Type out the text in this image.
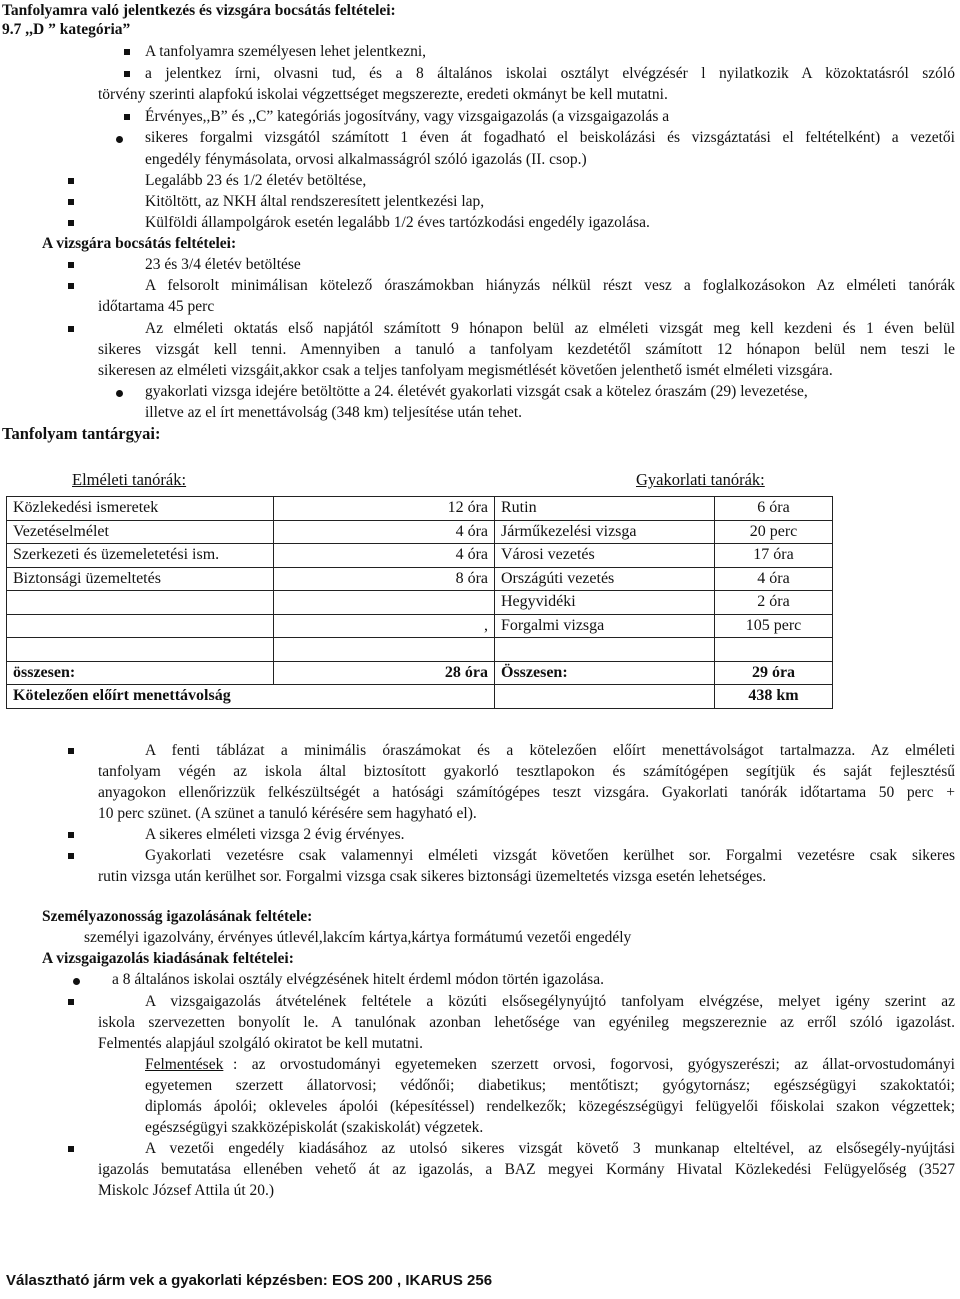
Tanfolyamra való jelentkezés és vizsgára bocsátás feltételei:
9.7 ,,D ” kategória”
A tanfolyamra személyesen lehet jelentkezni,
a jelentkez írni, olvasni tud, és a 8 általános iskolai osztályt elvégzésér l nyilatkozik A közoktatásról szóló
törvény szerinti alapfokú iskolai végzettséget megszerezte, eredeti okmányt be kell mutatni.
Érvényes,,B” és ,,C” kategóriás jogosítvány, vagy vizsgaigazolás (a vizsgaigazolás a
sikeres forgalmi vizsgától számított 1 éven át fogadható el beiskolázási és vizsgáztatási el feltételként) a vezetői
engedély fénymásolata, orvosi alkalmasságról szóló igazolás (II. csop.)
Legalább 23 és 1/2 életév betöltése,
Kitöltött, az NKH által rendszeresített jelentkezési lap,
Külföldi állampolgárok esetén legalább 1/2 éves tartózkodási engedély igazolása.
A vizsgára bocsátás feltételei:
23 és 3/4 életév betöltése
A felsorolt minimálisan kötelező óraszámokban hiányzás nélkül részt vesz a foglalkozásokon Az elméleti tanórák
időtartama 45 perc
Az elméleti oktatás első napjától számított 9 hónapon belül az elméleti vizsgát meg kell kezdeni és 1 éven belül
sikeres vizsgát kell tenni. Amennyiben a tanuló a tanfolyam kezdetétől számított 12 hónapon belül nem teszi le
sikeresen az elméleti vizsgáit,akkor csak a teljes tanfolyam megismétlését követően jelenthető ismét elméleti vizsgára.
gyakorlati vizsga idejére betöltötte a 24. életévét gyakorlati vizsgát csak a kötelez óraszám (29) levezetése,
illetve az el írt menettávolság (348 km) teljesítése után tehet.
Tanfolyam tantárgyai:
Elméleti tanórák:	Gyakorlati tanórák:
Közlekedési ismeretek	12 óra	Rutin	6 óra
Vezetéselmélet	4 óra	Járműkezelési vizsga	20 perc
Szerkezeti és üzemeletetési ism.	4 óra	Városi vezetés	17 óra
Biztonsági üzemeltetés	8 óra	Országúti vezetés	4 óra
		Hegyvidéki	2 óra
	,	Forgalmi vizsga	105 perc

összesen:	28 óra	Összesen:	29 óra
Kötelezően előírt menettávolság			438 km
A fenti táblázat a minimális óraszámokat és a kötelezően előírt menettávolságot tartalmazza. Az elméleti
tanfolyam végén az iskola által biztosított gyakorló tesztlapokon és számítógépen segítjük és saját fejlesztésű
anyagokon ellenőrizzük felkészültségét a hatósági számítógépes teszt vizsgára. Gyakorlati tanórák időtartama 50 perc +
10 perc szünet. (A szünet a tanuló kérésére sem hagyható el).
A sikeres elméleti vizsga 2 évig érvényes.
Gyakorlati vezetésre csak valamennyi elméleti vizsgát követően kerülhet sor. Forgalmi vezetésre csak sikeres
rutin vizsga után kerülhet sor. Forgalmi vizsga csak sikeres biztonsági üzemeltetés vizsga esetén lehetséges.
Személyazonosság igazolásának feltétele:
személyi igazolvány, érvényes útlevél,lakcím kártya,kártya formátumú vezetői engedély
A vizsgaigazolás kiadásának feltételei:
a 8 általános iskolai osztály elvégzésének hitelt érdeml módon történ igazolása.
A vizsgaigazolás átvételének feltétele a közúti elsősegélynyújtó tanfolyam elvégzése, melyet igény szerint az
iskola szervezetten bonyolít le. A tanulónak azonban lehetősége van egyénileg megszereznie az erről szóló igazolást.
Felmentés alapjául szolgáló okiratot be kell mutatni.
Felmentések : az orvostudományi egyetemeken szerzett orvosi, fogorvosi, gyógyszerészi; az állat-orvostudományi
egyetemen szerzett állatorvosi; védőnői; diabetikus; mentőtiszt; gyógytornász; egészségügyi szakoktatói;
diplomás ápolói; okleveles ápolói (képesítéssel) rendelkezők; közegészségügyi felügyelői főiskolai szakon végzettek;
egészségügyi szakközépiskolát (szakiskolát) végzetek.
A vezetői engedély kiadásához az utolsó sikeres vizsgát követő 3 munkanap elteltével, az elsősegély-nyújtási
igazolás bemutatása ellenében vehető át az igazolás, a BAZ megyei Kormány Hivatal Közlekedési Felügyelőség (3527
Miskolc József Attila út 20.)
Választható járm vek a gyakorlati képzésben: EOS 200 , IKARUS 256
